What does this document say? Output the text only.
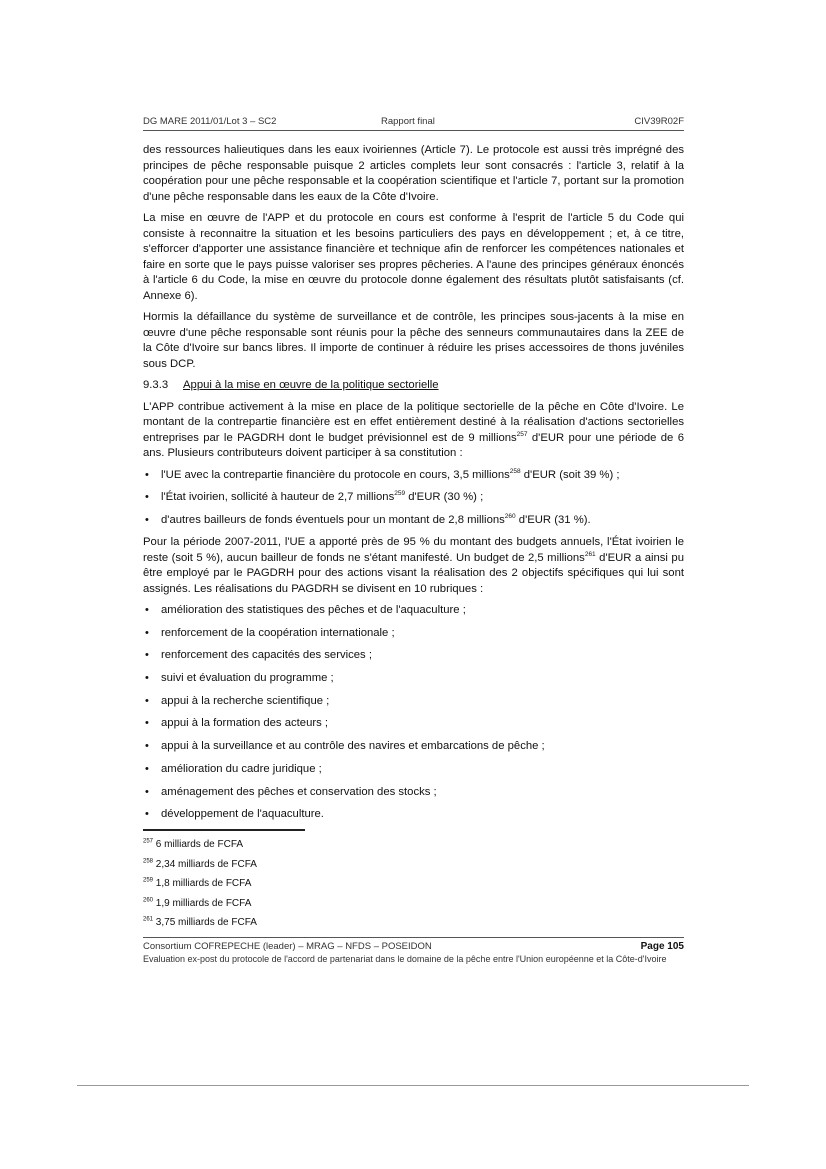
DG MARE 2011/01/Lot 3 – SC2	Rapport final	CIV39R02F

des ressources halieutiques dans les eaux ivoiriennes (Article 7). Le protocole est aussi très imprégné des principes de pêche responsable puisque 2 articles complets leur sont consacrés : l'article 3, relatif à la coopération pour une pêche responsable et la coopération scientifique et l'article 7, portant sur la promotion d'une pêche responsable dans les eaux de la Côte d'Ivoire.

La mise en œuvre de l'APP et du protocole en cours est conforme à l'esprit de l'article 5 du Code qui consiste à reconnaitre la situation et les besoins particuliers des pays en développement ; et, à ce titre, s'efforcer d'apporter une assistance financière et technique afin de renforcer les compétences nationales et faire en sorte que le pays puisse valoriser ses propres pêcheries. A l'aune des principes généraux énoncés à l'article 6 du Code, la mise en œuvre du protocole donne également des résultats plutôt satisfaisants (cf. Annexe 6).

Hormis la défaillance du système de surveillance et de contrôle, les principes sous-jacents à la mise en œuvre d'une pêche responsable sont réunis pour la pêche des senneurs communautaires dans la ZEE de la Côte d'Ivoire sur bancs libres. Il importe de continuer à réduire les prises accessoires de thons juvéniles sous DCP.

9.3.3 Appui à la mise en œuvre de la politique sectorielle

L'APP contribue activement à la mise en place de la politique sectorielle de la pêche en Côte d'Ivoire. Le montant de la contrepartie financière est en effet entièrement destiné à la réalisation d'actions sectorielles entreprises par le PAGDRH dont le budget prévisionnel est de 9 millions$^{257}$ d'EUR pour une période de 6 ans. Plusieurs contributeurs doivent participer à sa constitution :

• l'UE avec la contrepartie financière du protocole en cours, 3,5 millions$^{258}$ d'EUR (soit 39 %) ;
• l'État ivoirien, sollicité à hauteur de 2,7 millions$^{259}$ d'EUR (30 %) ;
• d'autres bailleurs de fonds éventuels pour un montant de 2,8 millions$^{260}$ d'EUR (31 %).

Pour la période 2007-2011, l'UE a apporté près de 95 % du montant des budgets annuels, l'État ivoirien le reste (soit 5 %), aucun bailleur de fonds ne s'étant manifesté. Un budget de 2,5 millions$^{261}$ d'EUR a ainsi pu être employé par le PAGDRH pour des actions visant la réalisation des 2 objectifs spécifiques qui lui sont assignés. Les réalisations du PAGDRH se divisent en 10 rubriques :

• amélioration des statistiques des pêches et de l'aquaculture ;
• renforcement de la coopération internationale ;
• renforcement des capacités des services ;
• suivi et évaluation du programme ;
• appui à la recherche scientifique ;
• appui à la formation des acteurs ;
• appui à la surveillance et au contrôle des navires et embarcations de pêche ;
• amélioration du cadre juridique ;
• aménagement des pêches et conservation des stocks ;
• développement de l'aquaculture.
$^{257}$ 6 milliards de FCFA
$^{258}$ 2,34 milliards de FCFA
$^{259}$ 1,8 milliards de FCFA
$^{260}$ 1,9 milliards de FCFA
$^{261}$ 3,75 milliards de FCFA
Consortium COFREPECHE (leader) – MRAG – NFDS – POSEIDON	Page 105
Evaluation ex-post du protocole de l'accord de partenariat dans le domaine de la pêche entre l'Union européenne et la Côte-d'Ivoire
